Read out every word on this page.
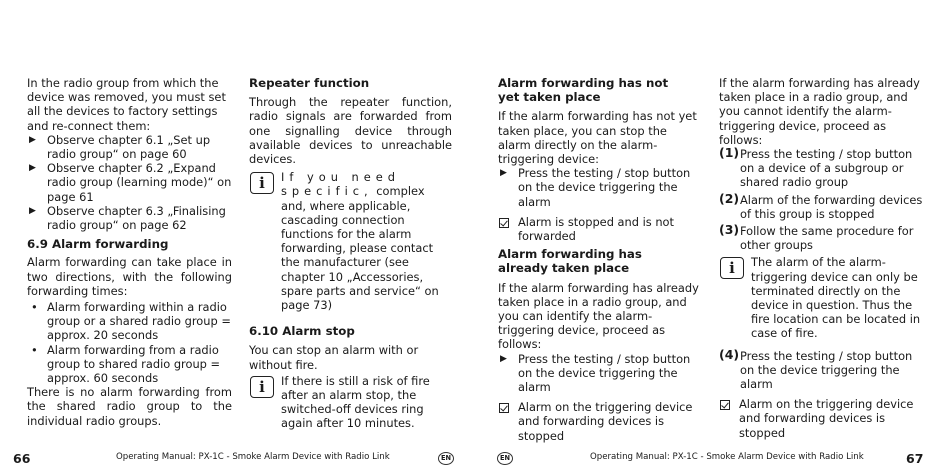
In the radio group from which the device was removed, you must set all the devices to factory settings and re-connect them:

▶ Observe chapter 6.1 „Set up radio group“ on page 60
▶ Observe chapter 6.2 „Expand radio group (learning mode)“ on page 61
▶ Observe chapter 6.3 „Finalising radio group“ on page 62
6.9 Alarm forwarding

Alarm forwarding can take place in two directions, with the following forwarding times:

• Alarm forwarding within a radio group or a shared radio group = approx. 20 seconds
• Alarm forwarding from a radio group to shared radio group = approx. 60 seconds

There is no alarm forwarding from the shared radio group to the individual radio groups.

Repeater function

Through the repeater function, radio signals are forwarded from one signalling device through available devices to unreachable devices.

i	If you need specific, complex and, where applicable, cascading connection functions for the alarm forwarding, please contact the manufacturer (see chapter 10 „Accessories, spare parts and service“ on page 73)
6.10 Alarm stop

You can stop an alarm with or without fire.

i	If there is still a risk of fire after an alarm stop, the switched-off devices ring again after 10 minutes.
Alarm forwarding has not yet taken place

If the alarm forwarding has not yet taken place, you can stop the alarm directly on the alarm-triggering device:

▶ Press the testing / stop button on the device triggering the alarm
Alarm is stopped and is not forwarded
Alarm forwarding has already taken place

If the alarm forwarding has already taken place in a radio group, and you can identify the alarm-triggering device, proceed as follows:

▶ Press the testing / stop button on the device triggering the alarm
Alarm on the triggering device and forwarding devices is stopped

If the alarm forwarding has already taken place in a radio group, and you cannot identify the alarm-triggering device, proceed as follows:

(1) Press the testing / stop button on a device of a subgroup or shared radio group
(2) Alarm of the forwarding devices of this group is stopped
(3) Follow the same procedure for other groups
i	The alarm of the alarm-triggering device can only be terminated directly on the device in question. Thus the fire location can be located in case of fire.
(4) Press the testing / stop button on the device triggering the alarm
Alarm on the triggering device and forwarding devices is stopped
66	Operating Manual: PX-1C - Smoke Alarm Device with Radio Link	EN	EN	Operating Manual: PX-1C - Smoke Alarm Device with Radio Link	67
